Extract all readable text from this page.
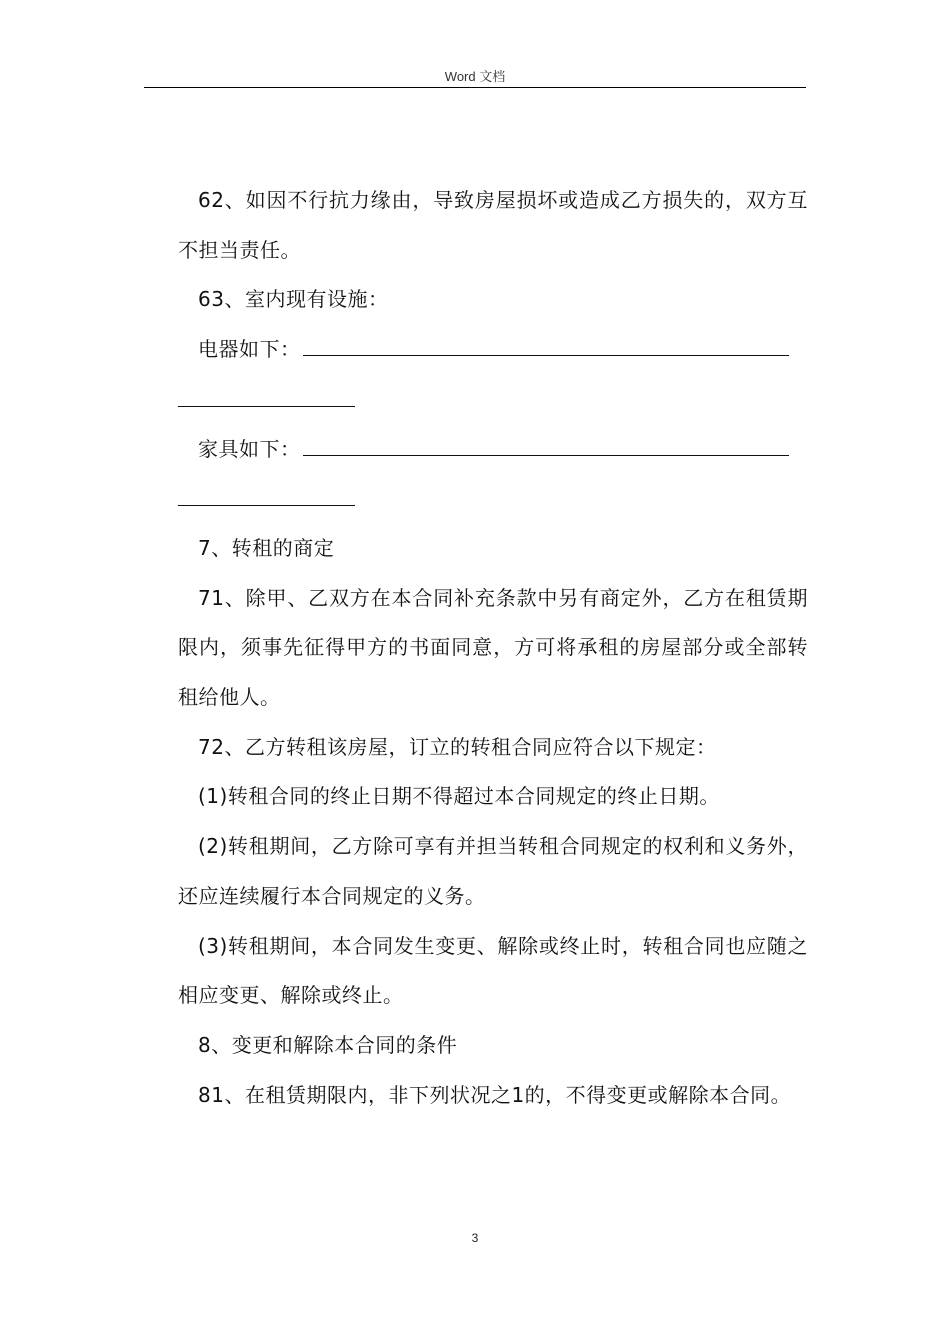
Word 文档

62、如因不行抗力缘由，导致房屋损坏或造成乙方损失的，双方互不担当责任。

63、室内现有设施：

电器如下：

家具如下：

7、转租的商定

71、除甲、乙双方在本合同补充条款中另有商定外，乙方在租赁期限内，须事先征得甲方的书面同意，方可将承租的房屋部分或全部转租给他人。

72、乙方转租该房屋，订立的转租合同应符合以下规定：

(1)转租合同的终止日期不得超过本合同规定的终止日期。

(2)转租期间，乙方除可享有并担当转租合同规定的权利和义务外，还应连续履行本合同规定的义务。

(3)转租期间，本合同发生变更、解除或终止时，转租合同也应随之相应变更、解除或终止。

8、变更和解除本合同的条件

81、在租赁期限内，非下列状况之1的，不得变更或解除本合同。

3
